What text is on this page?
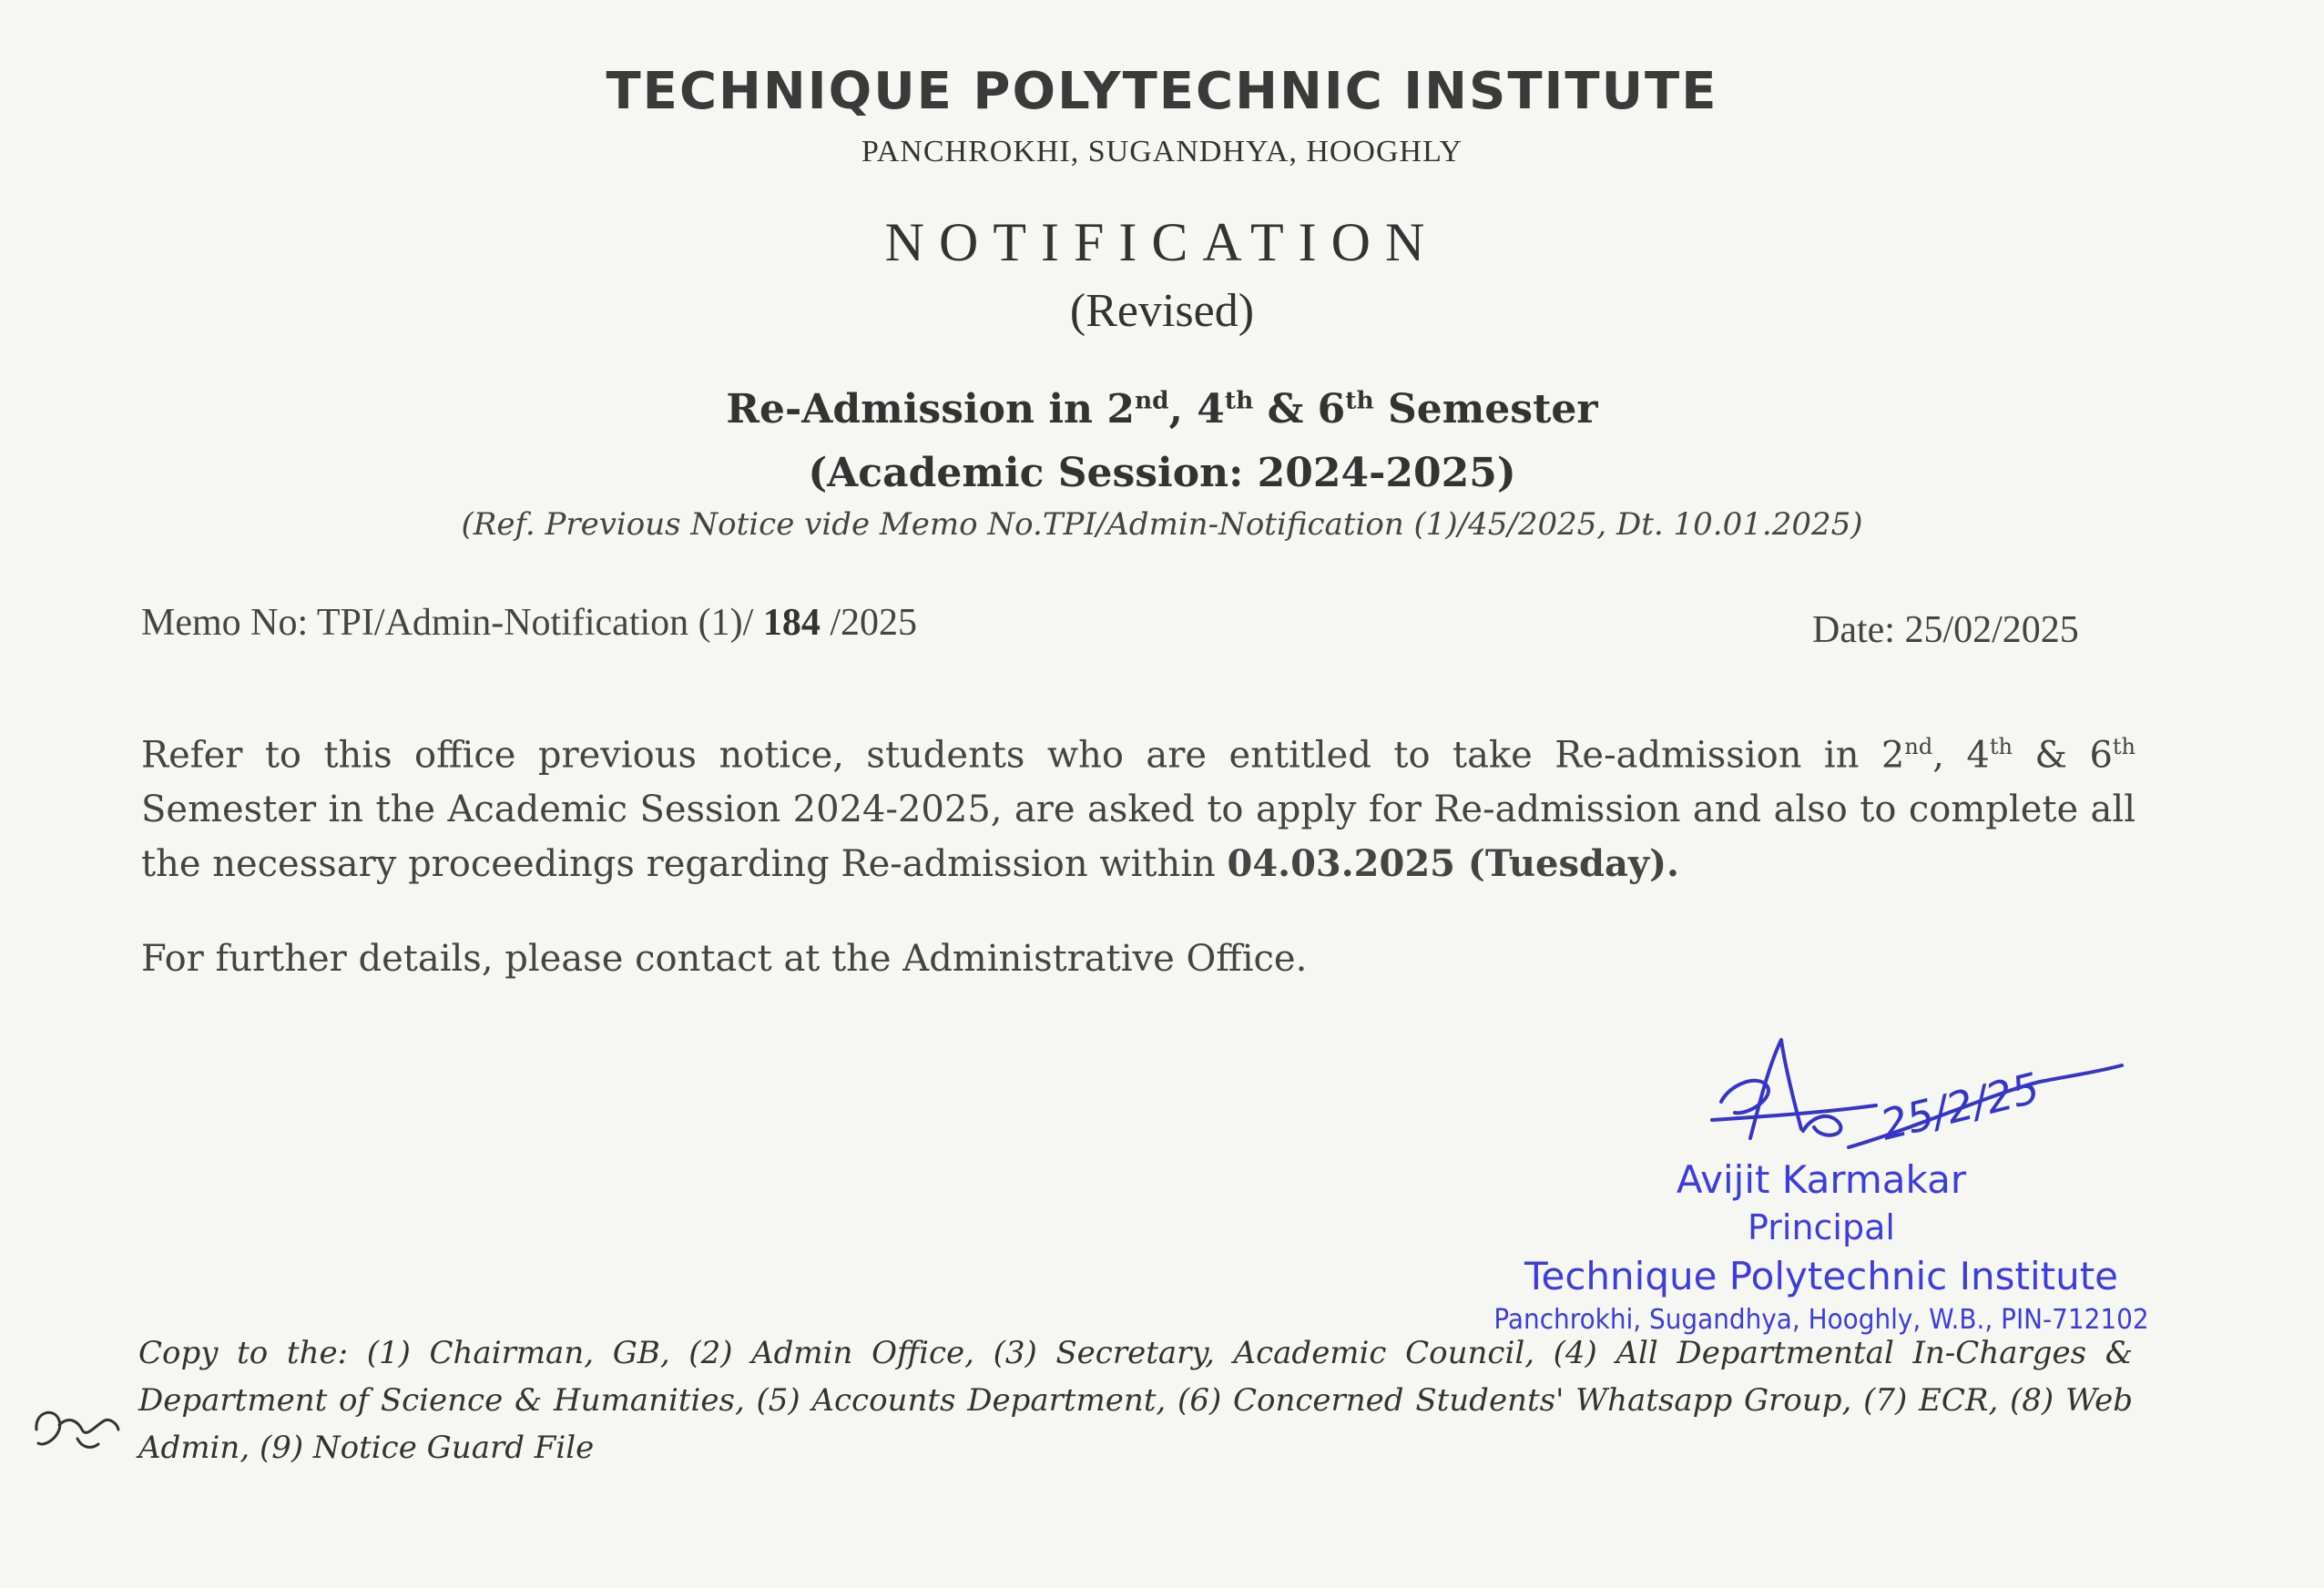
TECHNIQUE POLYTECHNIC INSTITUTE
PANCHROKHI, SUGANDHYA, HOOGHLY
NOTIFICATION
(Revised)
Re-Admission in 2nd, 4th & 6th Semester
(Academic Session: 2024-2025)
(Ref. Previous Notice vide Memo No.TPI/Admin-Notification (1)/45/2025, Dt. 10.01.2025)
Memo No: TPI/Admin-Notification (1)/ 184 /2025	Date: 25/02/2025

Refer to this office previous notice, students who are entitled to take Re-admission in 2nd, 4th & 6th Semester in the Academic Session 2024-2025, are asked to apply for Re-admission and also to complete all the necessary proceedings regarding Re-admission within 04.03.2025 (Tuesday).

For further details, please contact at the Administrative Office.

25/2/25
Avijit Karmakar
Principal
Technique Polytechnic Institute
Panchrokhi, Sugandhya, Hooghly, W.B., PIN-712102

Copy to the: (1) Chairman, GB, (2) Admin Office, (3) Secretary, Academic Council, (4) All Departmental In-Charges & Department of Science & Humanities, (5) Accounts Department, (6) Concerned Students' Whatsapp Group, (7) ECR, (8) Web Admin, (9) Notice Guard File
